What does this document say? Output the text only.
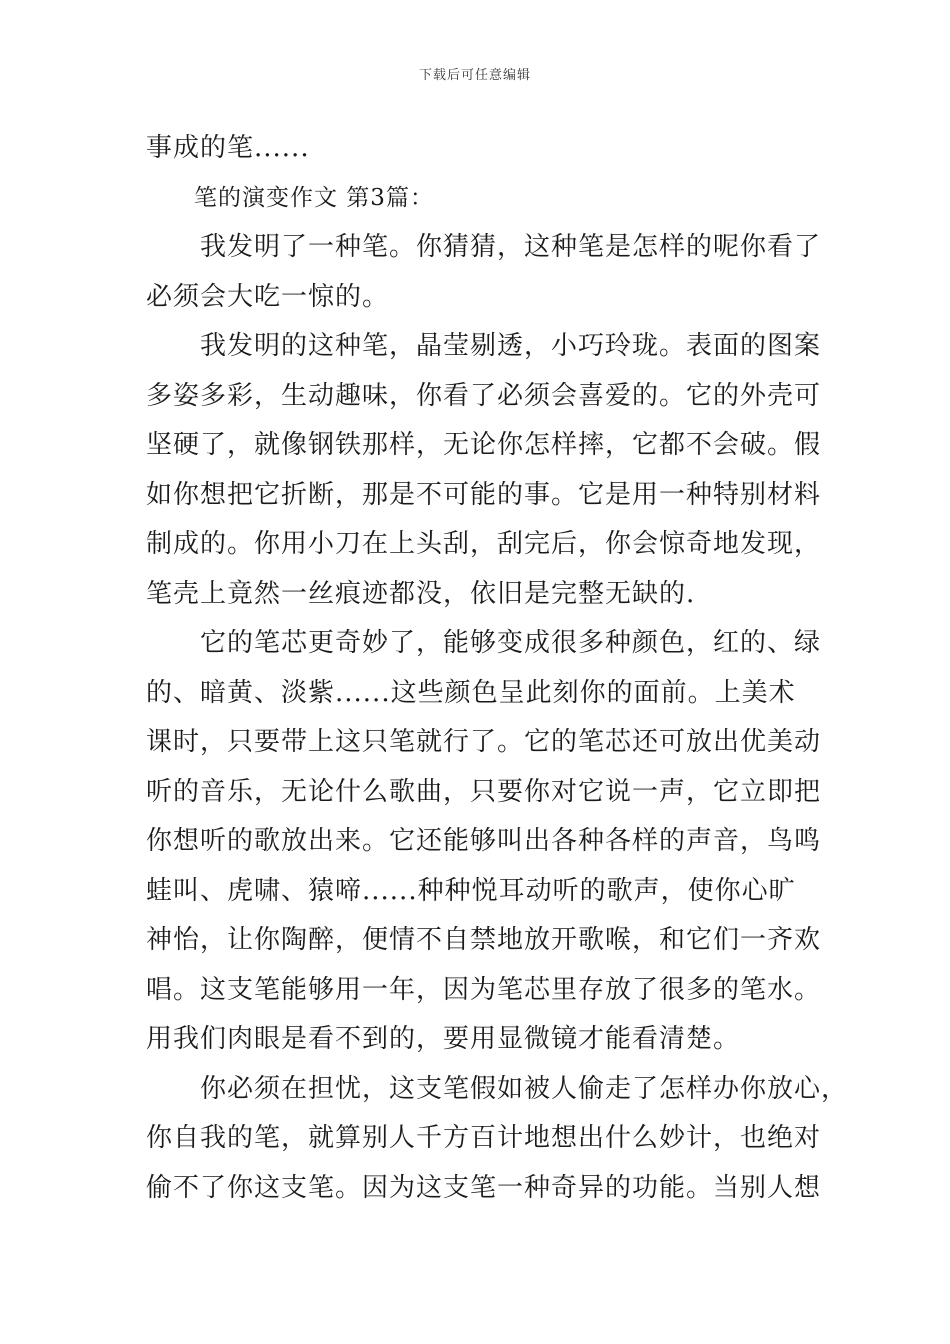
下载后可任意编辑
事成的笔......
笔的演变作文 第3篇：
我发明了一种笔。你猜猜，这种笔是怎样的呢你看了
必须会大吃一惊的。
我发明的这种笔，晶莹剔透，小巧玲珑。表面的图案
多姿多彩，生动趣味，你看了必须会喜爱的。它的外壳可
坚硬了，就像钢铁那样，无论你怎样摔，它都不会破。假
如你想把它折断，那是不可能的事。它是用一种特别材料
制成的。你用小刀在上头刮，刮完后，你会惊奇地发现，
笔壳上竟然一丝痕迹都没，依旧是完整无缺的.
它的笔芯更奇妙了，能够变成很多种颜色，红的、绿
的、暗黄、淡紫......这些颜色呈此刻你的面前。上美术
课时，只要带上这只笔就行了。它的笔芯还可放出优美动
听的音乐，无论什么歌曲，只要你对它说一声，它立即把
你想听的歌放出来。它还能够叫出各种各样的声音，鸟鸣
蛙叫、虎啸、猿啼......种种悦耳动听的歌声，使你心旷
神怡，让你陶醉，便情不自禁地放开歌喉，和它们一齐欢
唱。这支笔能够用一年，因为笔芯里存放了很多的笔水。
用我们肉眼是看不到的，要用显微镜才能看清楚。
你必须在担忧，这支笔假如被人偷走了怎样办你放心，
你自我的笔，就算别人千方百计地想出什么妙计，也绝对
偷不了你这支笔。因为这支笔一种奇异的功能。当别人想
